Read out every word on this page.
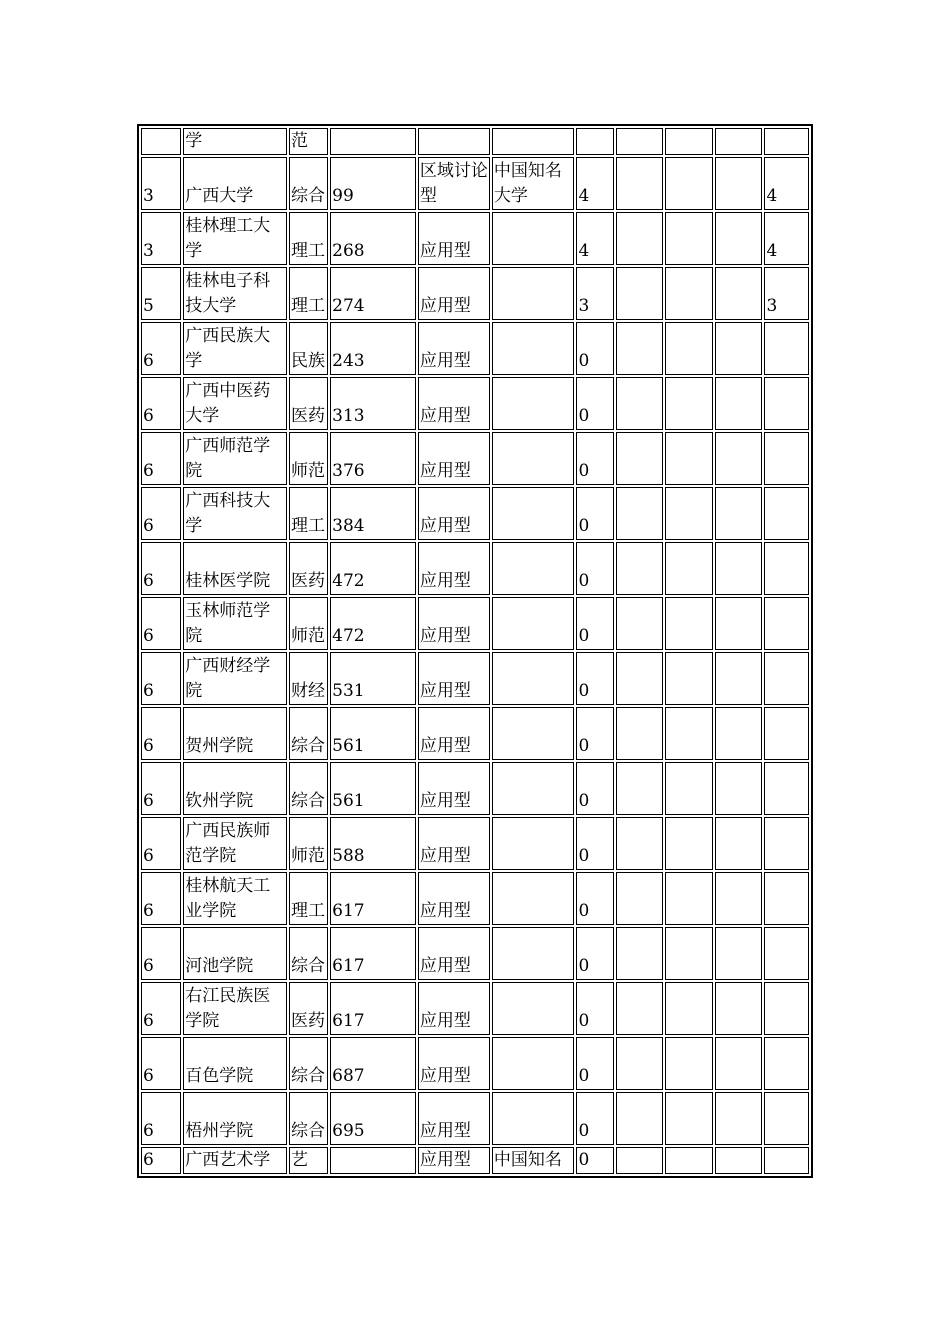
	学	范								
3	广西大学	综合	99	区域讨论型	中国知名大学	4				4
3	桂林理工大学	理工	268	应用型		4				4
5	桂林电子科技大学	理工	274	应用型		3				3
6	广西民族大学	民族	243	应用型		0				
6	广西中医药大学	医药	313	应用型		0				
6	广西师范学院	师范	376	应用型		0				
6	广西科技大学	理工	384	应用型		0				
6	桂林医学院	医药	472	应用型		0				
6	玉林师范学院	师范	472	应用型		0				
6	广西财经学院	财经	531	应用型		0				
6	贺州学院	综合	561	应用型		0				
6	钦州学院	综合	561	应用型		0				
6	广西民族师范学院	师范	588	应用型		0				
6	桂林航天工业学院	理工	617	应用型		0				
6	河池学院	综合	617	应用型		0				
6	右江民族医学院	医药	617	应用型		0				
6	百色学院	综合	687	应用型		0				
6	梧州学院	综合	695	应用型		0				
6	广西艺术学	艺		应用型	中国知名	0				
